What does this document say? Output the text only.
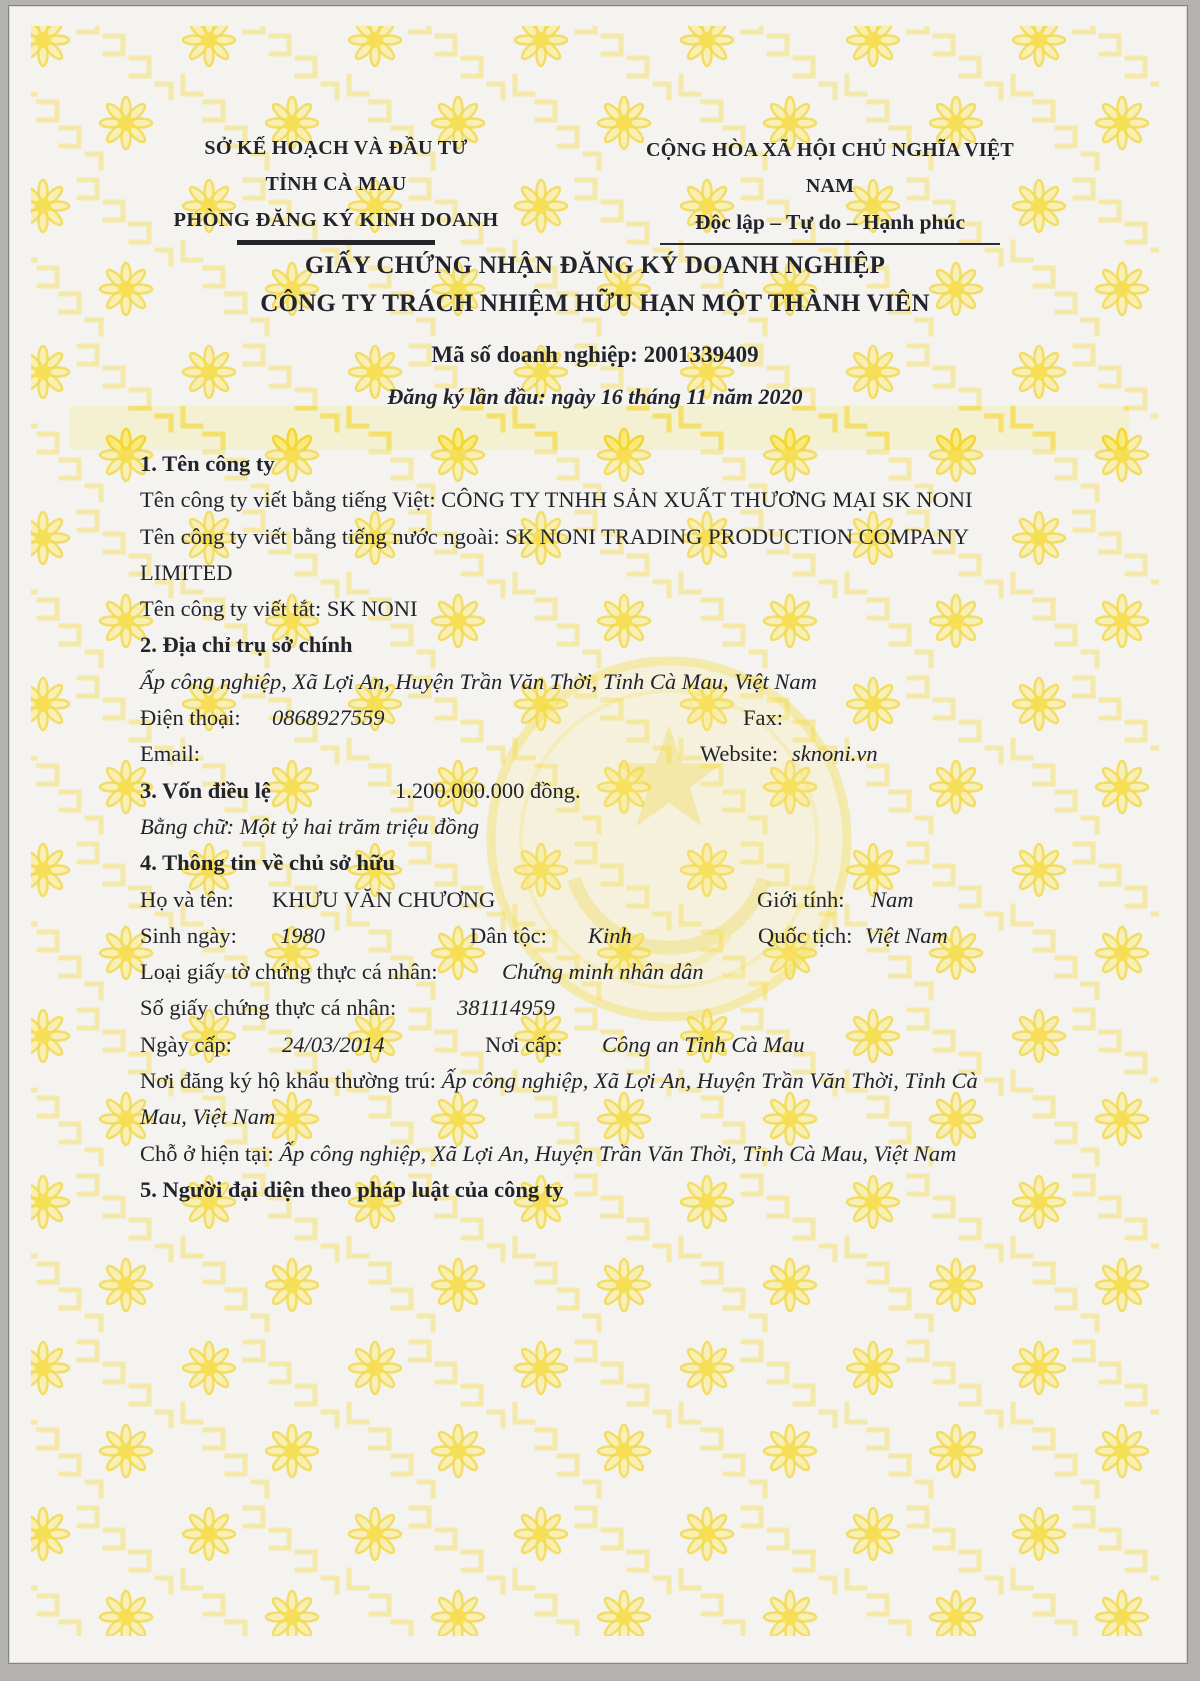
SỞ KẾ HOẠCH VÀ ĐẦU TƯ
TỈNH CÀ MAU
PHÒNG ĐĂNG KÝ KINH DOANH
CỘNG HÒA XÃ HỘI CHỦ NGHĨA VIỆT NAM
Độc lập – Tự do – Hạnh phúc
GIẤY CHỨNG NHẬN ĐĂNG KÝ DOANH NGHIỆP
CÔNG TY TRÁCH NHIỆM HỮU HẠN MỘT THÀNH VIÊN
Mã số doanh nghiệp: 2001339409
Đăng ký lần đầu: ngày 16 tháng 11 năm 2020
1. Tên công ty
Tên công ty viết bằng tiếng Việt: CÔNG TY TNHH SẢN XUẤT THƯƠNG MẠI SK NONI
Tên công ty viết bằng tiếng nước ngoài: SK NONI TRADING PRODUCTION COMPANY LIMITED
Tên công ty viết tắt: SK NONI
2. Địa chỉ trụ sở chính
Ấp công nghiệp, Xã Lợi An, Huyện Trần Văn Thời, Tỉnh Cà Mau, Việt Nam
Điện thoại: 0868927559	Fax:
Email:	Website: sknoni.vn
3. Vốn điều lệ	1.200.000.000 đồng.
Bằng chữ: Một tỷ hai trăm triệu đồng
4. Thông tin về chủ sở hữu
Họ và tên: KHƯU VĂN CHƯƠNG	Giới tính: Nam
Sinh ngày: 1980	Dân tộc: Kinh	Quốc tịch: Việt Nam
Loại giấy tờ chứng thực cá nhân:	Chứng minh nhân dân
Số giấy chứng thực cá nhân:	381114959
Ngày cấp: 24/03/2014	Nơi cấp: Công an Tỉnh Cà Mau
Nơi đăng ký hộ khẩu thường trú: Ấp công nghiệp, Xã Lợi An, Huyện Trần Văn Thời, Tỉnh Cà Mau, Việt Nam
Chỗ ở hiện tại: Ấp công nghiệp, Xã Lợi An, Huyện Trần Văn Thời, Tỉnh Cà Mau, Việt Nam
5. Người đại diện theo pháp luật của công ty
